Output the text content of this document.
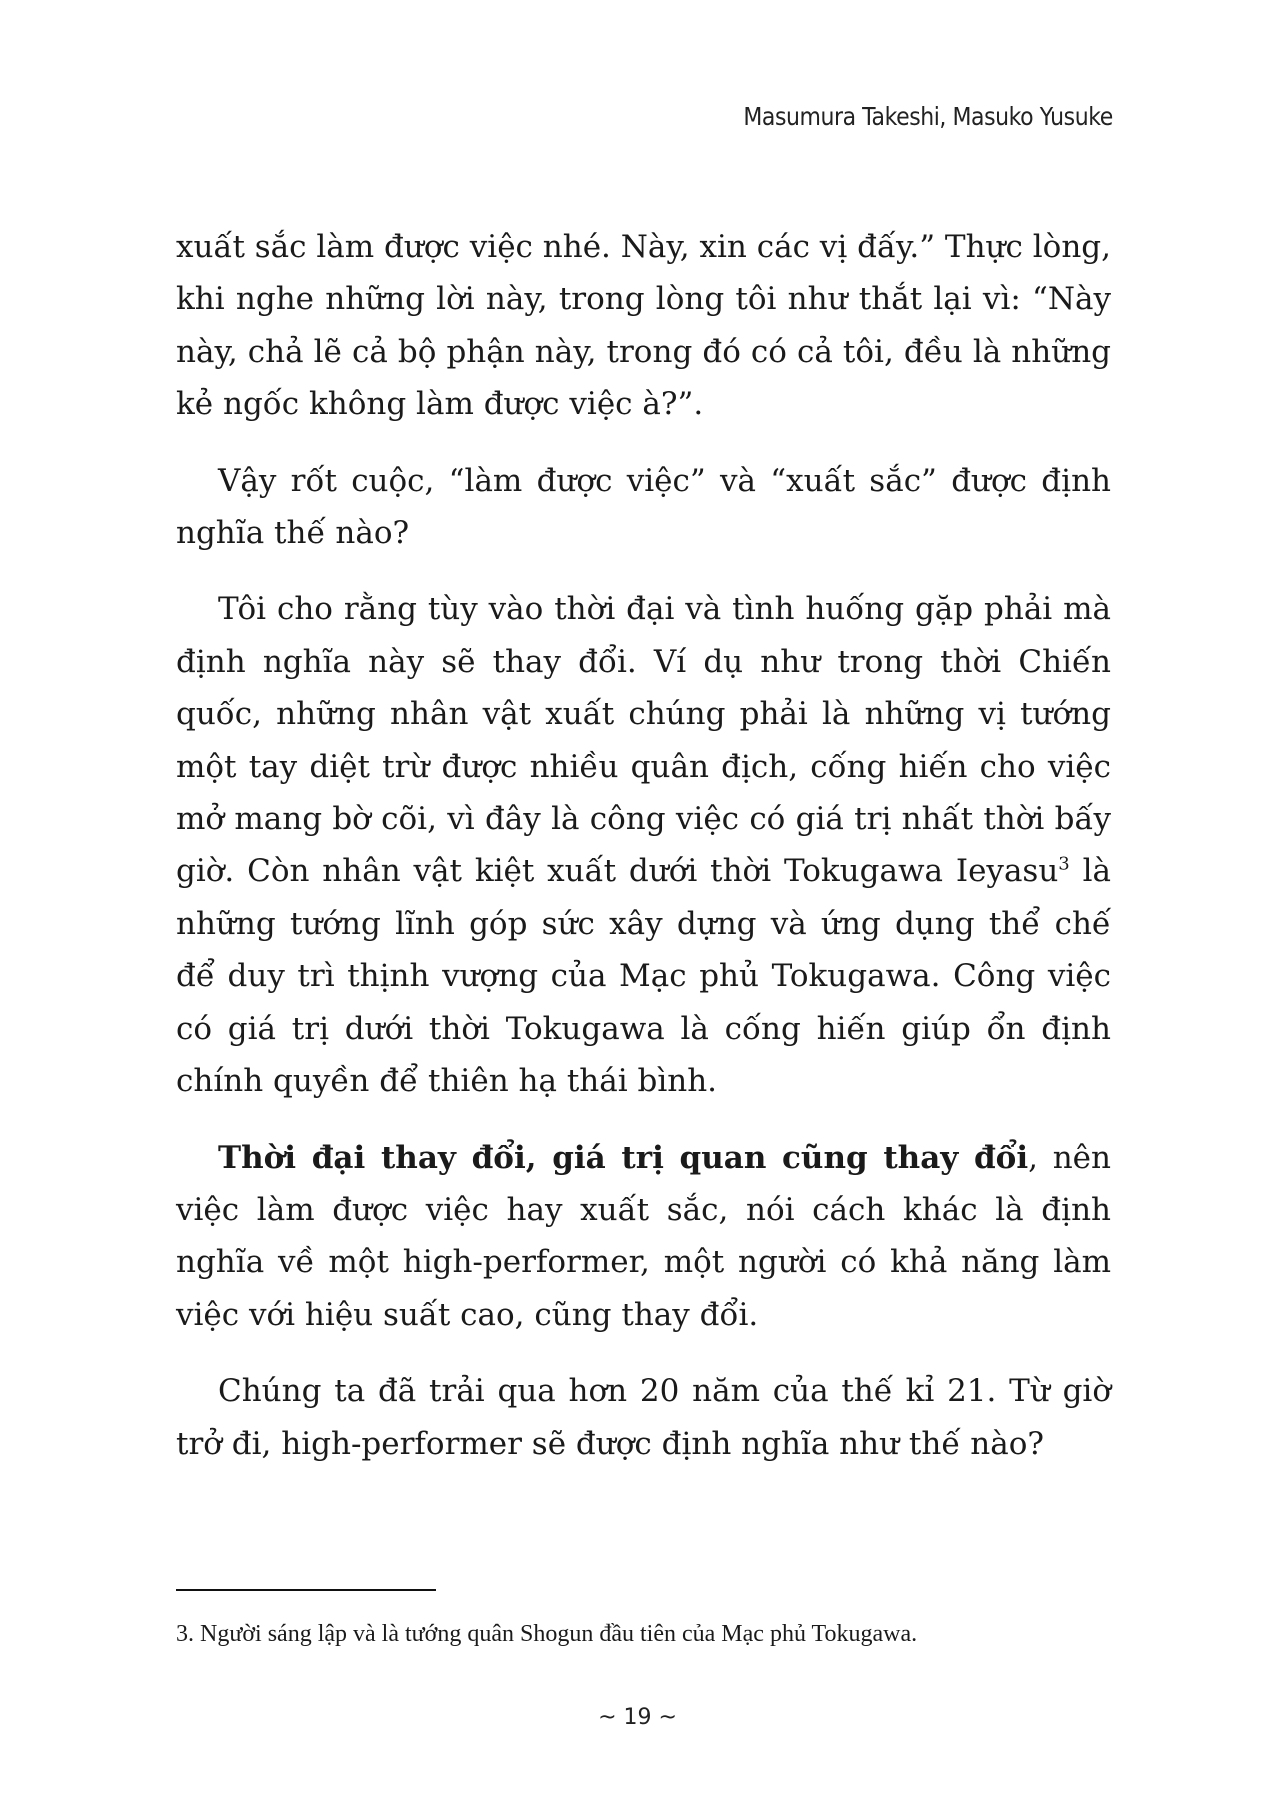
Masumura Takeshi, Masuko Yusuke

xuất sắc làm được việc nhé. Này, xin các vị đấy.” Thực lòng, khi nghe những lời này, trong lòng tôi như thắt lại vì: “Này này, chả lẽ cả bộ phận này, trong đó có cả tôi, đều là những kẻ ngốc không làm được việc à?”.

Vậy rốt cuộc, “làm được việc” và “xuất sắc” được định nghĩa thế nào?

Tôi cho rằng tùy vào thời đại và tình huống gặp phải mà định nghĩa này sẽ thay đổi. Ví dụ như trong thời Chiến quốc, những nhân vật xuất chúng phải là những vị tướng một tay diệt trừ được nhiều quân địch, cống hiến cho việc mở mang bờ cõi, vì đây là công việc có giá trị nhất thời bấy giờ. Còn nhân vật kiệt xuất dưới thời Tokugawa Ieyasu$^3$ là những tướng lĩnh góp sức xây dựng và ứng dụng thể chế để duy trì thịnh vượng của Mạc phủ Tokugawa. Công việc có giá trị dưới thời Tokugawa là cống hiến giúp ổn định chính quyền để thiên hạ thái bình.

Thời đại thay đổi, giá trị quan cũng thay đổi, nên việc làm được việc hay xuất sắc, nói cách khác là định nghĩa về một high-performer, một người có khả năng làm việc với hiệu suất cao, cũng thay đổi.

Chúng ta đã trải qua hơn 20 năm của thế kỉ 21. Từ giờ trở đi, high-performer sẽ được định nghĩa như thế nào?

3. Người sáng lập và là tướng quân Shogun đầu tiên của Mạc phủ Tokugawa.
~ 19 ~
